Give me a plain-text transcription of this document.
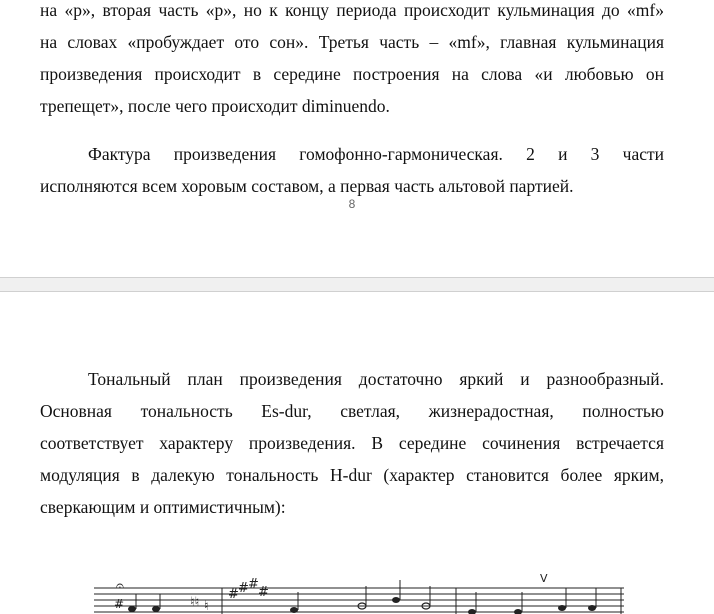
на «р», вторая часть «р», но к концу периода происходит кульминация до «mf»
на словах «пробуждает ото сон». Третья часть – «mf», главная кульминация
произведения происходит в середине построения на слова «и любовью он
трепещет», после чего происходит diminuendo.
Фактура произведения гомофонно-гармоническая. 2 и 3 части
исполняются всем хоровым составом, а первая часть альтовой партией.
8
Тональный план произведения достаточно яркий и разнообразный.
Основная тональность Es-dur, светлая, жизнерадостная, полностью
соответствует характеру произведения. В середине сочинения встречается
модуляция в далекую тональность H-dur (характер становится более ярким,
сверкающим и оптимистичным):
𝄐
#	♮♮ ♮
# # #
#
V
